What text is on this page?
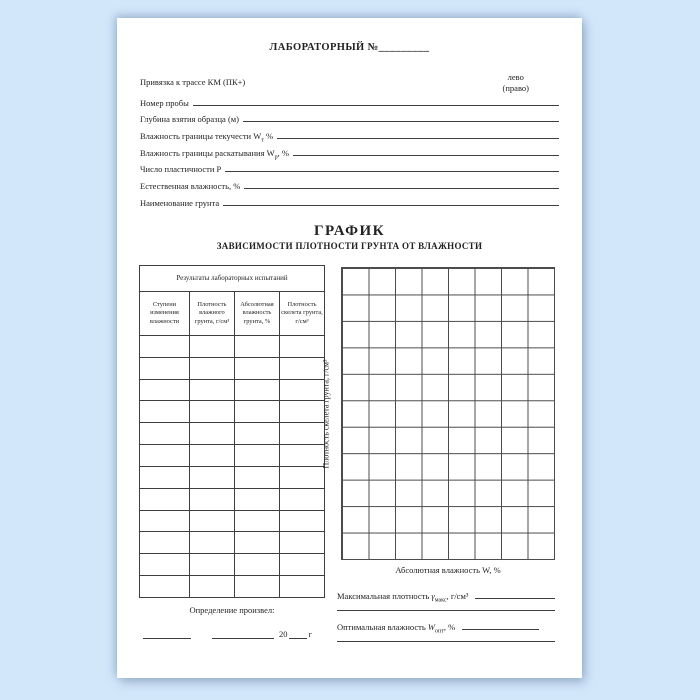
ЛАБОРАТОРНЫЙ №_________
Привязка к трассе КМ (ПК+)	лево
(право)
Номер пробы
Глубина взятия образца (м)
Влажность границы текучести $W_т$ %
Влажность границы раскатывания $W_р$, %
Число пластичности Р
Естественная влажность, %
Наименование грунта
ГРАФИК
ЗАВИСИМОСТИ ПЛОТНОСТИ ГРУНТА ОТ ВЛАЖНОСТИ
Результаты лабораторных испытаний			
Ступени изменения влажности	Плотность влажного грунта, г/см³	Абсолютная влажность грунта, %	Плотность скелета грунта, г/см³

Плотность скелета грунта, г/см³
Абсолютная влажность W, %
Максимальная плотность $\gamma_{макс}$, г/см³
Оптимальная влажность $W_{опт}$, %
Определение произвел:
20 г
